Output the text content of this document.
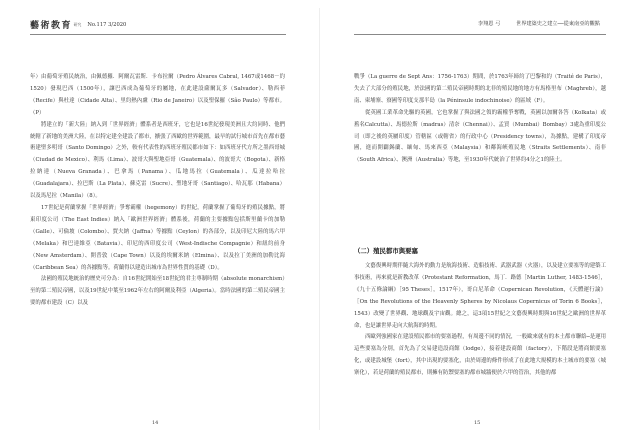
藝術教育 研究 No.117 3/2020

年）由葡萄牙殖民統治，由佩德羅．阿爾瓦雷斯．卡布拉爾（Pedro Álvares Cabral, 1467或1468－約1520）發現巴西（1500年），讓巴西成為葡萄牙的屬地，在此建設薩爾瓦多（Salvador）、勒西菲（Recife）與杜達（Cidade Alta）、里約熱內盧（Rio de Janeiro）以及聖保羅（São Paulo）等都市。（P）

將建立的「新大陸」納入到「世界經濟」體系者是西班牙，它也是16世紀發現美洲且大約同時、他們統轄了新地的美洲大陸，在以特定建全建設了都市，擴張了西歐的世界範圍，最早的試行城市首先在都市藝術建聖多明哥（Santo Domingo）之外，較有代表性的西班牙殖民都市如下：如西班牙代方所之墨西哥城（Ciudad de Mexico）、利馬（Lima）、波哥大與聖地亞哥（Guatemala）、的波哥大（Bogota）、新格拉納達（Nueva Granada）、巴拿馬（Panama）、瓜地馬拉（Guatemala）、瓜達拉哈拉（Guadalajara）、拉巴斯（La Plata）、蘇克雷（Sucre）、聖地牙哥（Santiago）、哈瓦那（Habana）以及馬尼拉（Manila）（8）。

17世紀是荷蘭掌握「世界經濟」爭奪霸權（hegemony）的世紀，荷蘭掌握了葡萄牙的殖民據點，將東印度公司（The East Indies）納入「歐洲世界經濟」體系後，荷蘭的主要據點包括斯里蘭卡的加勒（Galle）、可倫坡（Colombo）、賈夫納（Jaffna）等據點（Ceylon）的各部分，以及印尼大陸的馬六甲（Melaka）和巴達維亞（Batavia）、印尼的西印度公司（West-Indische Compagnie）和紐約前身（New Amsterdam）、開普敦（Cape Town）以及的埃爾米納（Elmina）、以及拉丁美洲的加勒比海（Caribbean Sea）的各據點等。荷蘭得以建造出城市為世界性質的基礎（D）。

法國的殖民地統治的歷史可分為：自16世紀開始至18世紀的君主專制時期（absolute monarchism）至的第二殖民帝國，以及19世紀中葉至1962年左右的阿爾及利亞（Algeria）。當時法國的第二殖民帝國主要的都市建設（C）以及

14
李翔恩 弓	世界建築史之建立──從東南亞的觀點

戰爭（La guerre de Sept Ans：1756-1763）期間，於1763年締約了巴黎和約（Traité de Paris），失去了大部分的殖民地，於法國的第二殖民帝國時期的北非的殖民地的地方有馬格里布（Maghreb），越南、柬埔寨、寮國等印度支那半島（la Péninsule indochinoise）的區域（F）。

從英國工業革命先驅的英國，它也掌握了與法國之領的霸權爭奪戰，英國以加爾各答（Kolkata）或舊名Calcutta）、馬德拉斯（madras）清奈（Chennai））、孟買（Mumbai）Bombay）3處為重印度公司（即之後的英屬印度）管轄區（或轄省）的行政中心（Presidency towns），為據點，建構了印度帝國，進而開闢錫蘭、緬甸、馬來西亞（Malaysia）和鄰海峽殖民地（Straits Settlements）、南非（South Africa）、澳洲（Australia）等地，至1930年代統治了世界約4分之1的陸土。

（二）殖民都市與要塞

文藝復興時期伴隨大海外的動力是航海技術、造船技術、武器武器（火器），以及建立要塞等的建築工事技術，再來就是新教改革（Protestant Reformation，馬丁．路德［Martin Luther, 1483-1546］，《九十五條論綱》［95 Theses］，1517年），哥白尼革命（Copernican Revolution，《天體運行論》［On the Revolutions of the Heavenly Spheres by Nicolaus Copernicus of Torin 6 Books］，1543）改變了世界觀、地球觀及宇宙觀。總之，這3項15世紀之文藝復興時期與16世紀之歐洲的世界革命，也是讓世界走向大航海的時期。

西歐列強國家在建設殖民都市的要塞過程，有周邊不同的情況，一般歐來就有的本土都市聯絡─是運用這些要塞為分別，首先為了交易建造設商館（lodge），接着建設商館（factory），下階段是將商館要塞化，或建設城堡（fort），其中出現的要塞化，由於周邊的條件形成了在此地大規模的本土城市的要塞（城寨化），若是荷蘭的殖民都市，則擁有防禦要塞的都市城牆便於六甲的管治，其他的都

15
